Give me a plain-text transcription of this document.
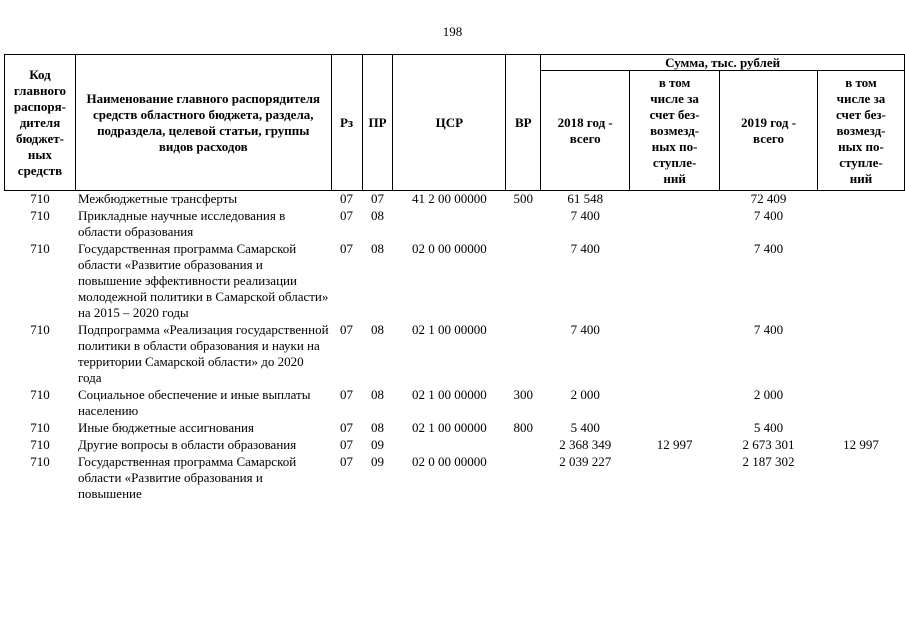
198
Код главного распоря-дителя бюджет-ных средств	Наименование главного распорядителя средств областного бюджета, раздела, подраздела, целевой статьи, группы видов расходов	Рз	ПР	ЦСР	ВР	Сумма, тыс. рублей			
						2018 год - всего	в том числе за счет без-возмезд-ных по-ступле-ний	2019 год - всего	в том числе за счет без-возмезд-ных по-ступле-ний
710	Межбюджетные трансферты	07	07	41 2 00 00000	500	61 548		72 409	
710	Прикладные научные исследования в области образования	07	08			7 400		7 400	
710	Государственная программа Самарской области «Развитие образования и повышение эффективности реализации молодежной политики в Самарской области» на 2015 – 2020 годы	07	08	02 0 00 00000		7 400		7 400	
710	Подпрограмма «Реализация государственной политики в области образования и науки на территории Самарской области» до 2020 года	07	08	02 1 00 00000		7 400		7 400	
710	Социальное обеспечение и иные выплаты населению	07	08	02 1 00 00000	300	2 000		2 000	
710	Иные бюджетные ассигнования	07	08	02 1 00 00000	800	5 400		5 400	
710	Другие вопросы в области образования	07	09			2 368 349	12 997	2 673 301	12 997
710	Государственная программа Самарской области «Развитие образования и повышение	07	09	02 0 00 00000		2 039 227		2 187 302	
